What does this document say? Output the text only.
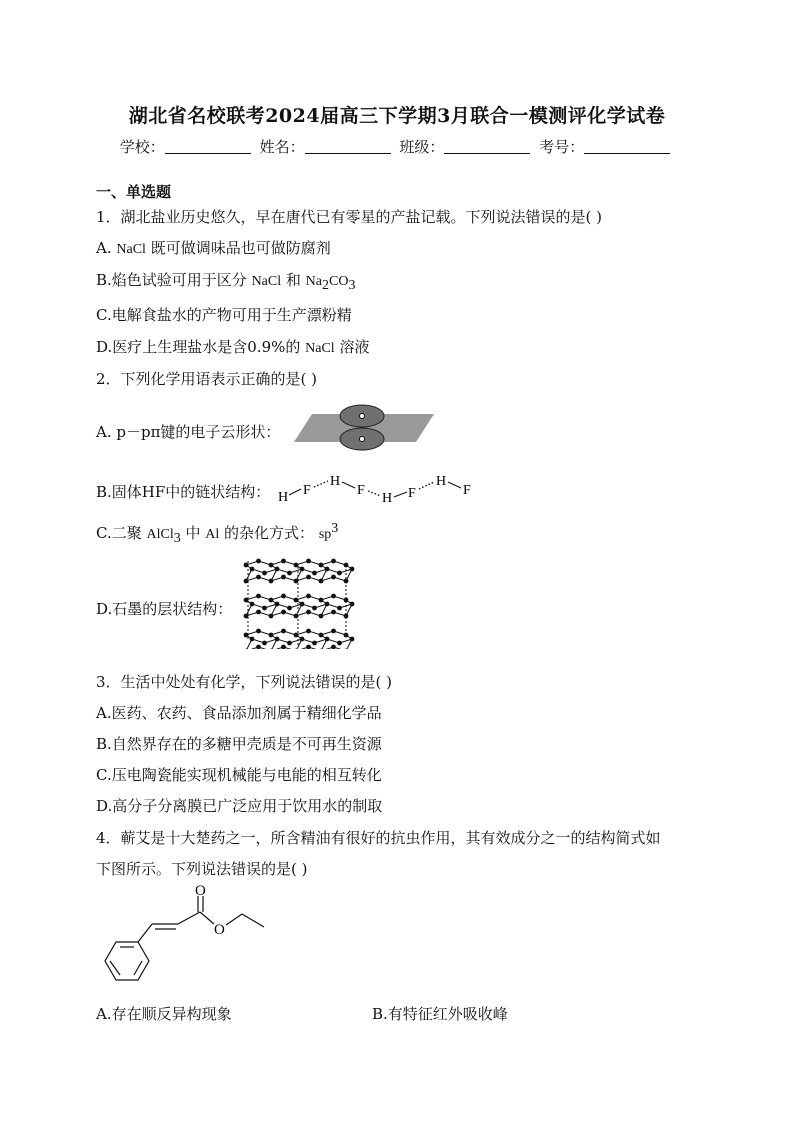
湖北省名校联考2024届高三下学期3月联合一模测评化学试卷
学校：	姓名：	班级：	考号：
一、单选题
1．湖北盐业历史悠久，早在唐代已有零星的产盐记载。下列说法错误的是( )
A. NaCl 既可做调味品也可做防腐剂
B.焰色试验可用于区分 NaCl 和 $Na_2CO_3$
C.电解食盐水的产物可用于生产漂粉精
D.医疗上生理盐水是含0.9%的 NaCl 溶液
2．下列化学用语表示正确的是( )
A. p－pπ键的电子云形状：
B.固体HF中的链状结构： H F
H
F
H F
H
F
C.二聚 AlCl$_3$ 中 Al 的杂化方式： $sp^3$
D.石墨的层状结构：
3．生活中处处有化学，下列说法错误的是( )
A.医药、农药、食品添加剂属于精细化学品
B.自然界存在的多糖甲壳质是不可再生资源
C.压电陶瓷能实现机械能与电能的相互转化
D.高分子分离膜已广泛应用于饮用水的制取
4．蕲艾是十大楚药之一，所含精油有很好的抗虫作用，其有效成分之一的结构简式如
下图所示。下列说法错误的是( )
O
O
A.存在顺反异构现象	B.有特征红外吸收峰
